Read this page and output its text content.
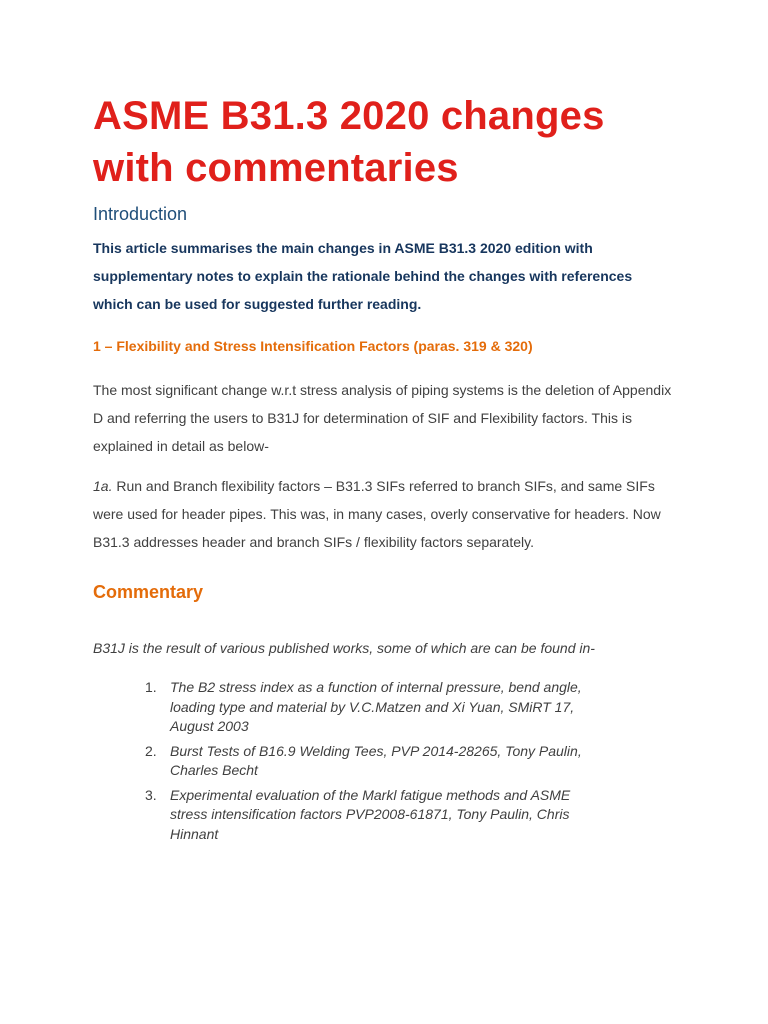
ASME B31.3 2020 changes with commentaries
Introduction

This article summarises the main changes in ASME B31.3 2020 edition with supplementary notes to explain the rationale behind the changes with references which can be used for suggested further reading.

1 – Flexibility and Stress Intensification Factors (paras. 319 & 320)

The most significant change w.r.t stress analysis of piping systems is the deletion of Appendix D and referring the users to B31J for determination of SIF and Flexibility factors. This is explained in detail as below-

1a. Run and Branch flexibility factors – B31.3 SIFs referred to branch SIFs, and same SIFs were used for header pipes. This was, in many cases, overly conservative for headers. Now B31.3 addresses header and branch SIFs / flexibility factors separately.

Commentary

B31J is the result of various published works, some of which are can be found in-

1. The B2 stress index as a function of internal pressure, bend angle, loading type and material by V.C.Matzen and Xi Yuan, SMiRT 17, August 2003
2. Burst Tests of B16.9 Welding Tees, PVP 2014-28265, Tony Paulin, Charles Becht
3. Experimental evaluation of the Markl fatigue methods and ASME stress intensification factors PVP2008-61871, Tony Paulin, Chris Hinnant
